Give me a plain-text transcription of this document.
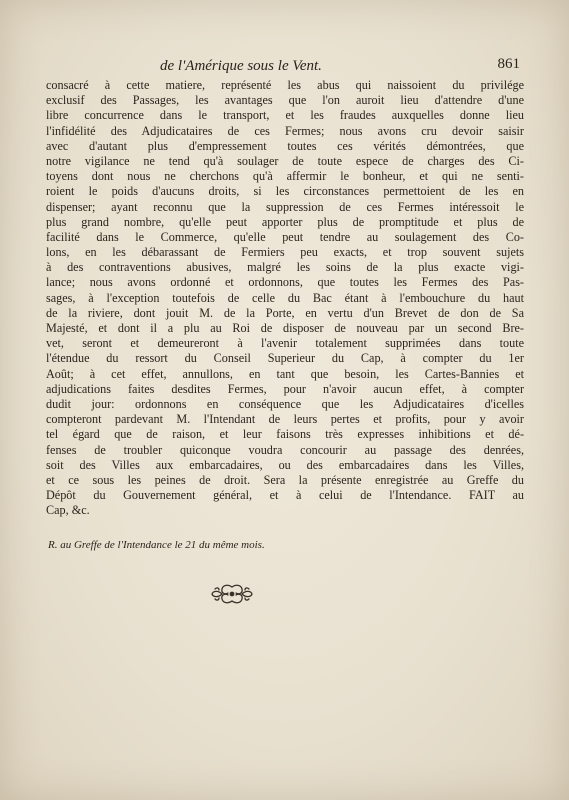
de l'Amérique sous le Vent.	861
consacré à cette matiere, représenté les abus qui naissoient du privilége
exclusif des Passages, les avantages que l'on auroit lieu d'attendre d'une
libre concurrence dans le transport, et les fraudes auxquelles donne lieu
l'infidélité des Adjudicataires de ces Fermes; nous avons cru devoir saisir
avec d'autant plus d'empressement toutes ces vérités démontrées, que
notre vigilance ne tend qu'à soulager de toute espece de charges des Ci-
toyens dont nous ne cherchons qu'à affermir le bonheur, et qui ne senti-
roient le poids d'aucuns droits, si les circonstances permettoient de les en
dispenser; ayant reconnu que la suppression de ces Fermes intéressoit le
plus grand nombre, qu'elle peut apporter plus de promptitude et plus de
facilité dans le Commerce, qu'elle peut tendre au soulagement des Co-
lons, en les débarassant de Fermiers peu exacts, et trop souvent sujets
à des contraventions abusives, malgré les soins de la plus exacte vigi-
lance; nous avons ordonné et ordonnons, que toutes les Fermes des Pas-
sages, à l'exception toutefois de celle du Bac étant à l'embouchure du haut
de la riviere, dont jouit M. de la Porte, en vertu d'un Brevet de don de Sa
Majesté, et dont il a plu au Roi de disposer de nouveau par un second Bre-
vet, seront et demeureront à l'avenir totalement supprimées dans toute
l'étendue du ressort du Conseil Superieur du Cap, à compter du 1er
Août; à cet effet, annullons, en tant que besoin, les Cartes-Bannies et
adjudications faites desdites Fermes, pour n'avoir aucun effet, à compter
dudit jour: ordonnons en conséquence que les Adjudicataires d'icelles
compteront pardevant M. l'Intendant de leurs pertes et profits, pour y avoir
tel égard que de raison, et leur faisons très expresses inhibitions et dé-
fenses de troubler quiconque voudra concourir au passage des denrées,
soit des Villes aux embarcadaires, ou des embarcadaires dans les Villes,
et ce sous les peines de droit. Sera la présente enregistrée au Greffe du
Dépôt du Gouvernement général, et à celui de l'Intendance. FAIT au
Cap, &c.
R. au Greffe de l'Intendance le 21 du même mois.
